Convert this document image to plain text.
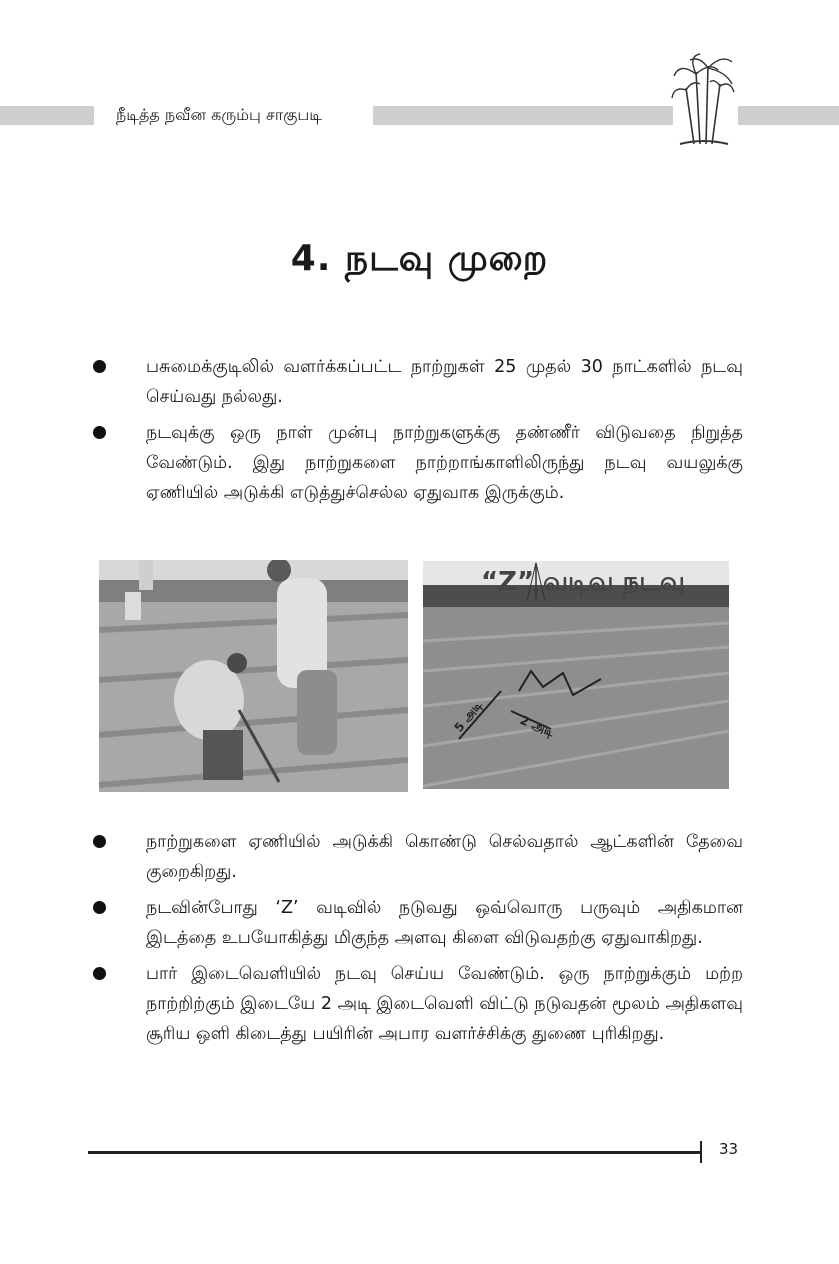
நீடித்த நவீன கரும்பு சாகுபடி
4. நடவு முறை
பசுமைக்குடிலில் வளர்க்கப்பட்ட நாற்றுகள் 25 முதல் 30 நாட்களில் நடவு செய்வது நல்லது.
நடவுக்கு ஒரு நாள் முன்பு நாற்றுகளுக்கு தண்ணீர் விடுவதை நிறுத்த வேண்டும். இது நாற்றுகளை நாற்றாங்காளிலிருந்து நடவு வயலுக்கு ஏணியில் அடுக்கி எடுத்துச்செல்ல ஏதுவாக இருக்கும்.
“Z” வடிவ நடவு
5 அடி	2 அடி
நாற்றுகளை ஏணியில் அடுக்கி கொண்டு செல்வதால் ஆட்களின் தேவை குறைகிறது.
நடவின்போது ‘Z’ வடிவில் நடுவது ஒவ்வொரு பருவும் அதிகமான இடத்தை உபயோகித்து மிகுந்த அளவு கிளை விடுவதற்கு ஏதுவாகிறது.
பார் இடைவெளியில் நடவு செய்ய வேண்டும். ஒரு நாற்றுக்கும் மற்ற நாற்றிற்கும் இடையே 2 அடி இடைவெளி விட்டு நடுவதன் மூலம் அதிகளவு சூரிய ஒளி கிடைத்து பயிரின் அபார வளர்ச்சிக்கு துணை புரிகிறது.
33
